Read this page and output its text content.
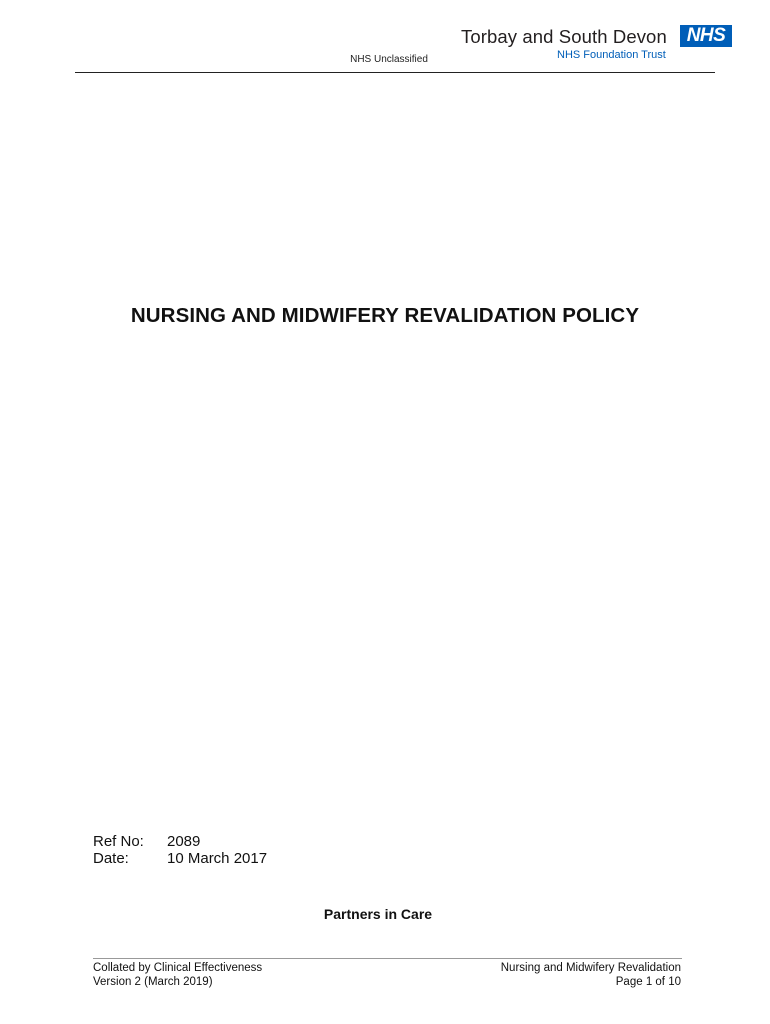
NHS Unclassified
Torbay and South Devon
NHS Foundation Trust
NHS
NURSING AND MIDWIFERY REVALIDATION POLICY
Ref No: 2089
Date:	10 March 2017
Partners in Care
Collated by Clinical Effectiveness
Version 2 (March 2019)
Nursing and Midwifery Revalidation
Page 1 of 10
